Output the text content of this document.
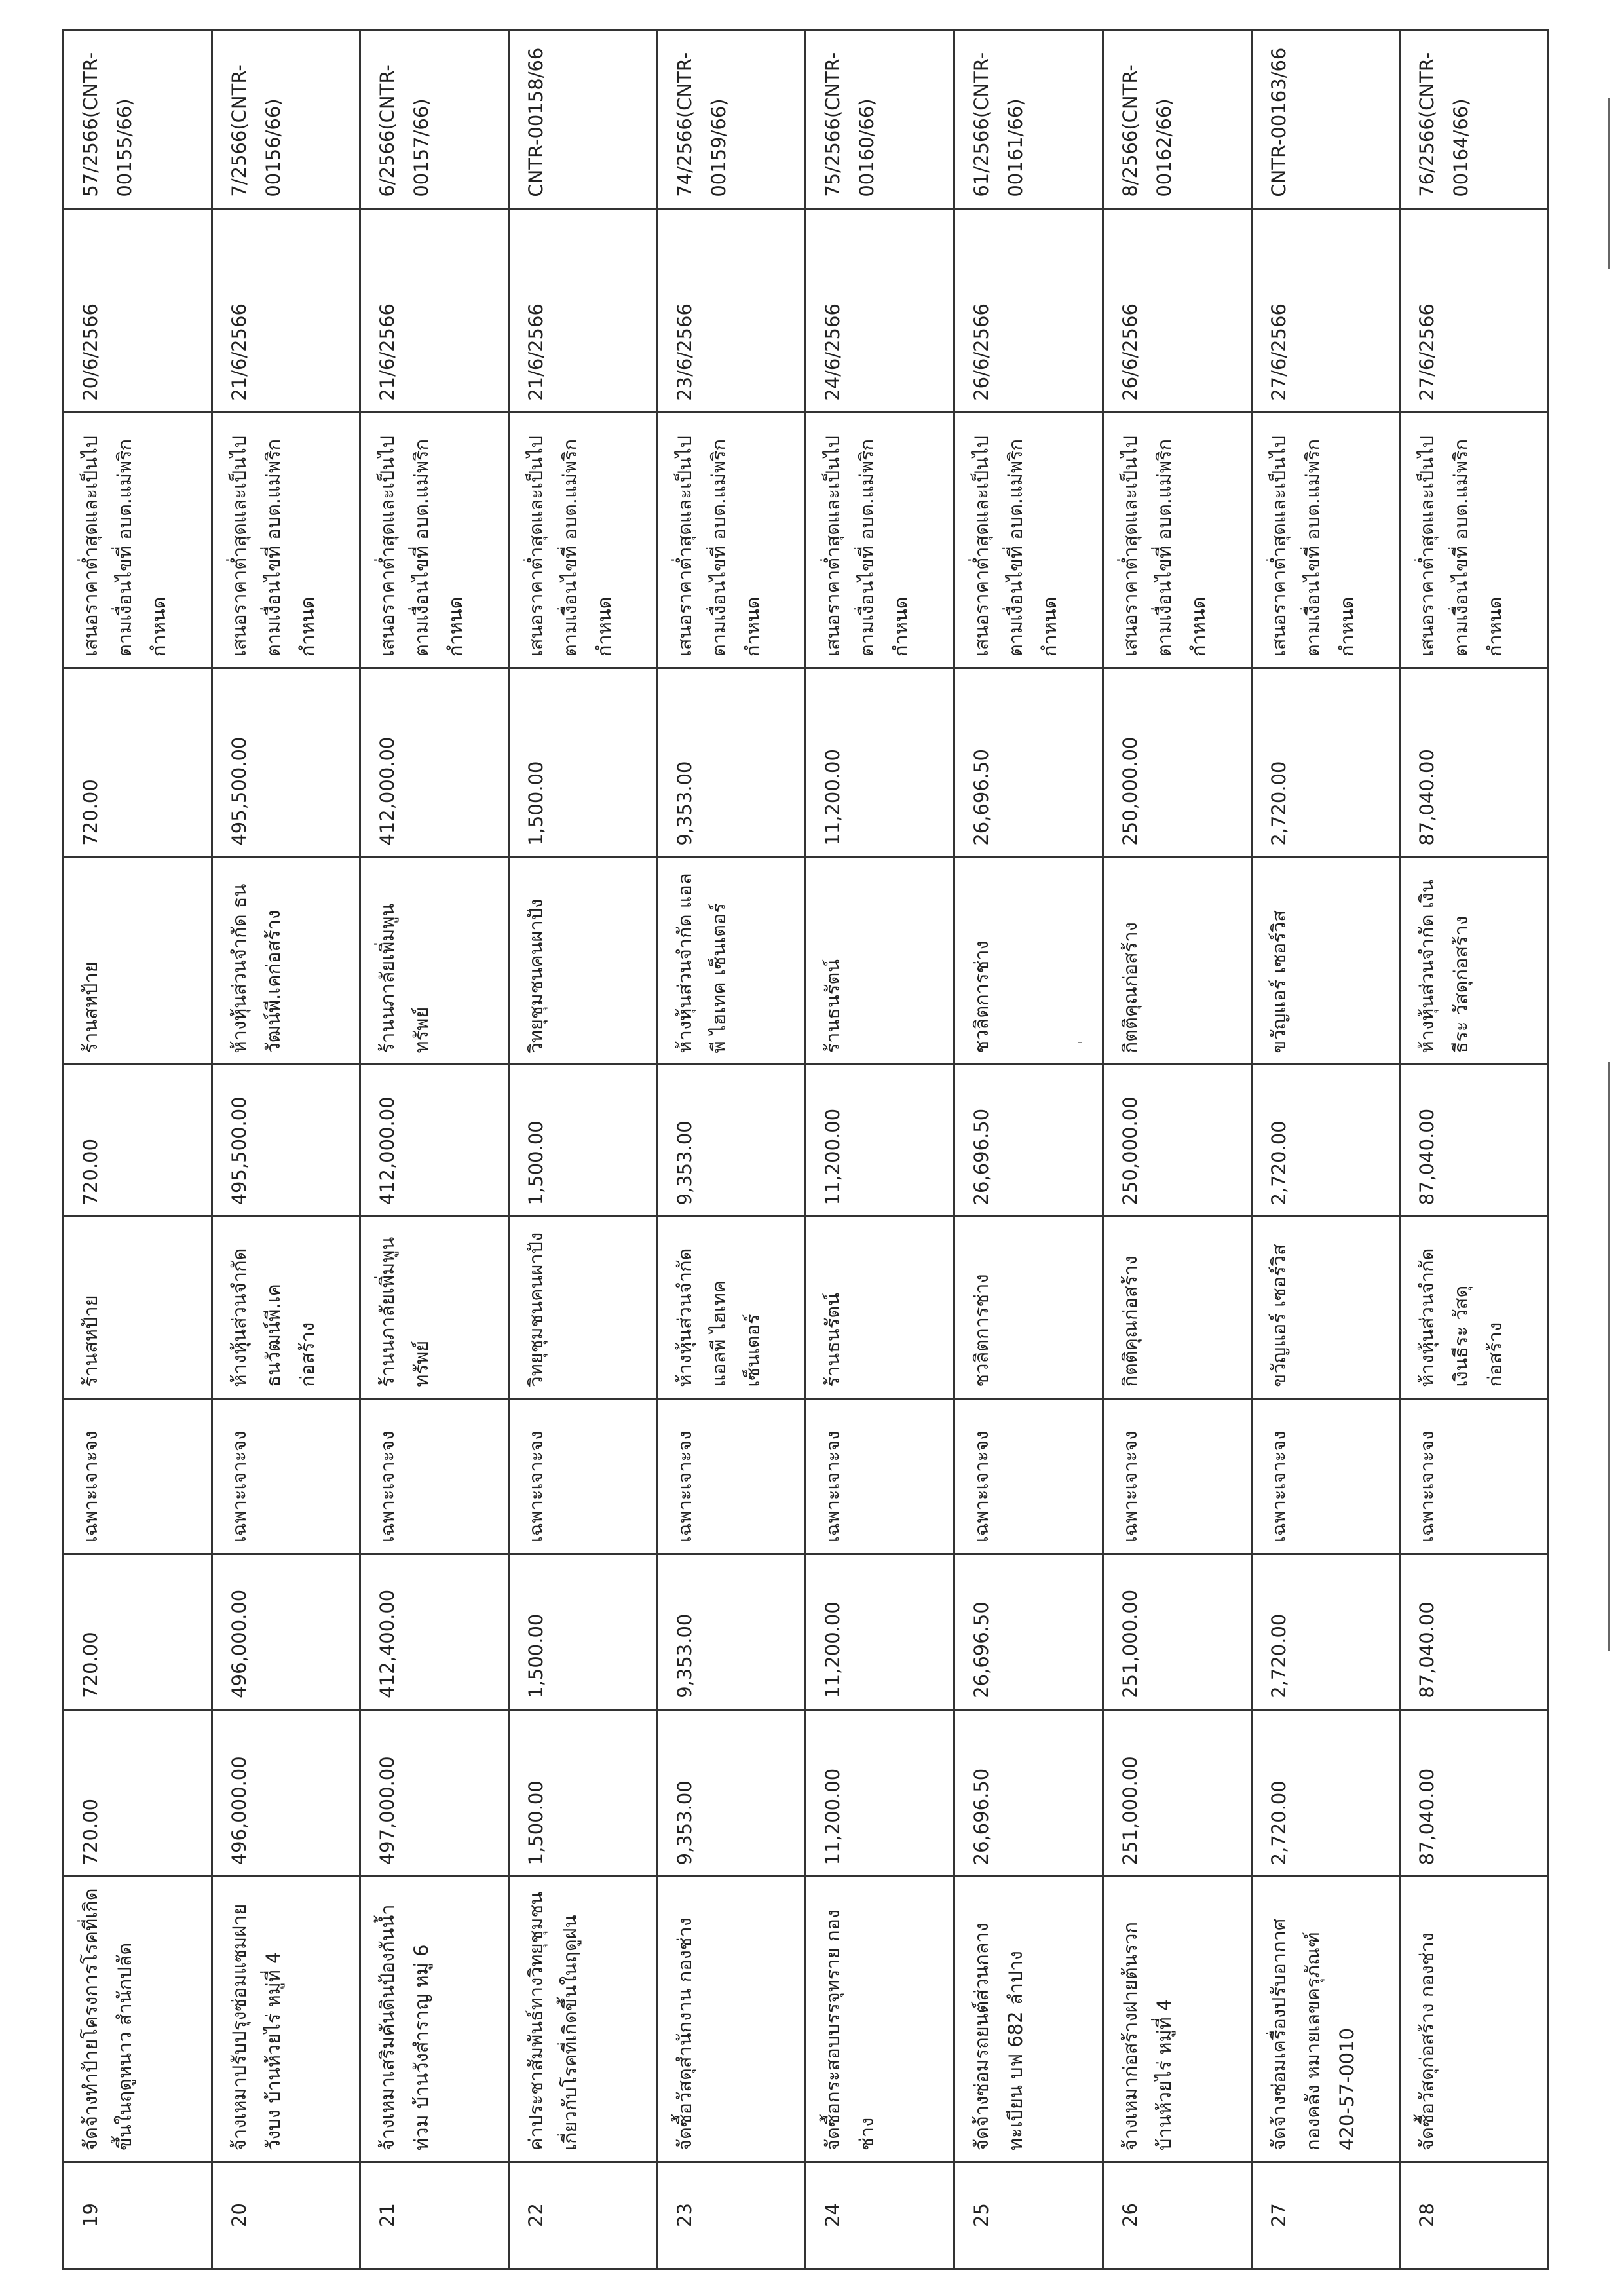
19	จัดจ้างทำป้ายโครงการโรคที่เกิดขึ้นในฤดูหนาว สำนักปลัด	720.00	720.00	เฉพาะเจาะจง	ร้านสหป้าย	720.00	ร้านสหป้าย	720.00	เสนอราคาต่ำสุดและเป็นไปตามเงื่อนไขที่ อบต.แม่พริกกำหนด	20/6/2566	57/2566(CNTR-00155/66)
20	จ้างเหมาปรับปรุงซ่อมแซมฝายวังบง บ้านห้วยไร่ หมู่ที่ 4	496,000.00	496,000.00	เฉพาะเจาะจง	ห้างหุ้นส่วนจำกัด ธนวัฒน์พี.เคก่อสร้าง	495,500.00	ห้างหุ้นส่วนจำกัด ธนวัฒน์พี.เคก่อสร้าง	495,500.00	เสนอราคาต่ำสุดและเป็นไปตามเงื่อนไขที่ อบต.แม่พริกกำหนด	21/6/2566	7/2566(CNTR-00156/66)
21	จ้างเหมาเสริมคันดินป้องกันน้ำท่วม บ้านวังสำราญ หมู่ 6	497,000.00	412,400.00	เฉพาะเจาะจง	ร้านนภาลัยเพิ่มพูนทรัพย์	412,000.00	ร้านนภาลัยเพิ่มพูนทรัพย์	412,000.00	เสนอราคาต่ำสุดและเป็นไปตามเงื่อนไขที่ อบต.แม่พริกกำหนด	21/6/2566	6/2566(CNTR-00157/66)
22	ค่าประชาสัมพันธ์ทางวิทยุชุมชนเกี่ยวกับโรคที่เกิดขึ้นในฤดูฝน	1,500.00	1,500.00	เฉพาะเจาะจง	วิทยุชุมชนคนผาปัง	1,500.00	วิทยุชุมชนคนผาปัง	1,500.00	เสนอราคาต่ำสุดและเป็นไปตามเงื่อนไขที่ อบต.แม่พริกกำหนด	21/6/2566	CNTR-00158/66
23	จัดซื้อวัสดุสำนักงาน กองช่าง	9,353.00	9,353.00	เฉพาะเจาะจง	ห้างหุ้นส่วนจำกัด แอลพี ไฮเทค เซ็นเตอร์	9,353.00	ห้างหุ้นส่วนจำกัด แอลพี ไฮเทค เซ็นเตอร์	9,353.00	เสนอราคาต่ำสุดและเป็นไปตามเงื่อนไขที่ อบต.แม่พริกกำหนด	23/6/2566	74/2566(CNTR-00159/66)
24	จัดซื้อกระสอบบรรจุทราย กองช่าง	11,200.00	11,200.00	เฉพาะเจาะจง	ร้านธนรัตน์	11,200.00	ร้านธนรัตน์	11,200.00	เสนอราคาต่ำสุดและเป็นไปตามเงื่อนไขที่ อบต.แม่พริกกำหนด	24/6/2566	75/2566(CNTR-00160/66)
25	จัดจ้างซ่อมรถยนต์ส่วนกลาง ทะเบียน บฟ 682 ลำปาง	26,696.50	26,696.50	เฉพาะเจาะจง	ชวลิตการช่าง	26,696.50	ชวลิตการช่าง	26,696.50	เสนอราคาต่ำสุดและเป็นไปตามเงื่อนไขที่ อบต.แม่พริกกำหนด	26/6/2566	61/2566(CNTR-00161/66)
26	จ้างเหมาก่อสร้างฝายต้นรวก บ้านห้วยไร่ หมู่ที่ 4	251,000.00	251,000.00	เฉพาะเจาะจง	กิตติคุณก่อสร้าง	250,000.00	กิตติคุณก่อสร้าง	250,000.00	เสนอราคาต่ำสุดและเป็นไปตามเงื่อนไขที่ อบต.แม่พริกกำหนด	26/6/2566	8/2566(CNTR-00162/66)
27	จัดจ้างซ่อมเครื่องปรับอากาศ กองคลัง หมายเลขครุภัณฑ์ 420-57-0010	2,720.00	2,720.00	เฉพาะเจาะจง	ขวัญแอร์ เซอร์วิส	2,720.00	ขวัญแอร์ เซอร์วิส	2,720.00	เสนอราคาต่ำสุดและเป็นไปตามเงื่อนไขที่ อบต.แม่พริกกำหนด	27/6/2566	CNTR-00163/66
28	จัดซื้อวัสดุก่อสร้าง กองช่าง	87,040.00	87,040.00	เฉพาะเจาะจง	ห้างหุ้นส่วนจำกัด เงินธีระ วัสดุก่อสร้าง	87,040.00	ห้างหุ้นส่วนจำกัด เงินธีระ วัสดุก่อสร้าง	87,040.00	เสนอราคาต่ำสุดและเป็นไปตามเงื่อนไขที่ อบต.แม่พริกกำหนด	27/6/2566	76/2566(CNTR-00164/66)
